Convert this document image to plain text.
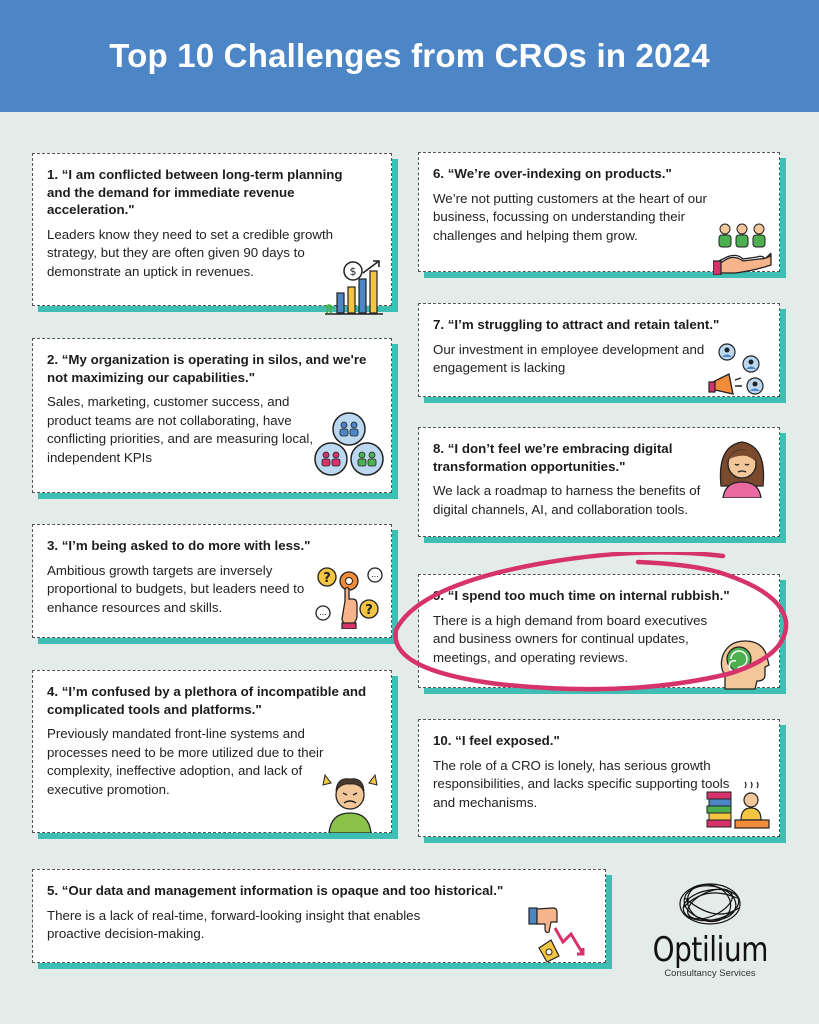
Top 10 Challenges from CROs in 2024
1. “I am conflicted between long-term planning and the demand for immediate revenue acceleration."
Leaders know they need to set a credible growth strategy, but they are often given 90 days to demonstrate an uptick in revenues.	$
2. “My organization is operating in silos, and we're not maximizing our capabilities."
Sales, marketing, customer success, and product teams are not collaborating, have conflicting priorities, and are measuring local, independent KPIs
3. “I’m being asked to do more with less."
Ambitious growth targets are inversely proportional to budgets, but leaders need to enhance resources and skills.
?
?
...
...
4. “I’m confused by a plethora of incompatible and complicated tools and platforms."
Previously mandated front-line systems and processes need to be more utilized due to their complexity, ineffective adoption, and lack of executive promotion.
5. “Our data and management information is opaque and too historical."
There is a lack of real-time, forward-looking insight that enables proactive decision-making.
6. “We’re over-indexing on products."
We’re not putting customers at the heart of our business, focussing on understanding their challenges and helping them grow.
7. “I’m struggling to attract and retain talent."
Our investment in employee development and engagement is lacking
8. “I don’t feel we’re embracing digital transformation opportunities."
We lack a roadmap to harness the benefits of digital channels, AI, and collaboration tools.
9. “I spend too much time on internal rubbish."
There is a high demand from board executives and business owners for continual updates, meetings, and operating reviews.
10. “I feel exposed."
The role of a CRO is lonely, has serious growth responsibilities, and lacks specific supporting tools and mechanisms.
Optilium
Consultancy Services
